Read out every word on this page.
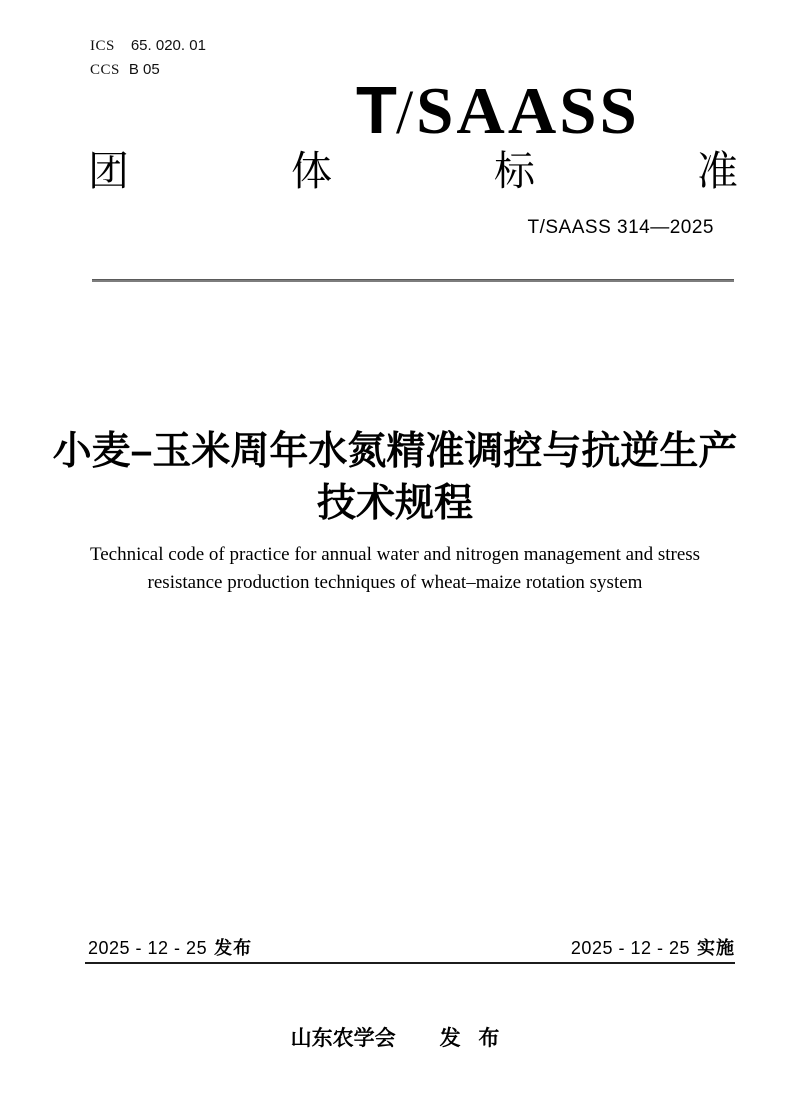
ICS 65. 020. 01
CCS B 05
T/SAASS
团	体	标	准
T/SAASS 314—2025
小麦–玉米周年水氮精准调控与抗逆生产
技术规程
Technical code of practice for annual water and nitrogen management and stress
resistance production techniques of wheat–maize rotation system
2025 - 12 - 25 发布	2025 - 12 - 25 实施
山东农学会 发 布
